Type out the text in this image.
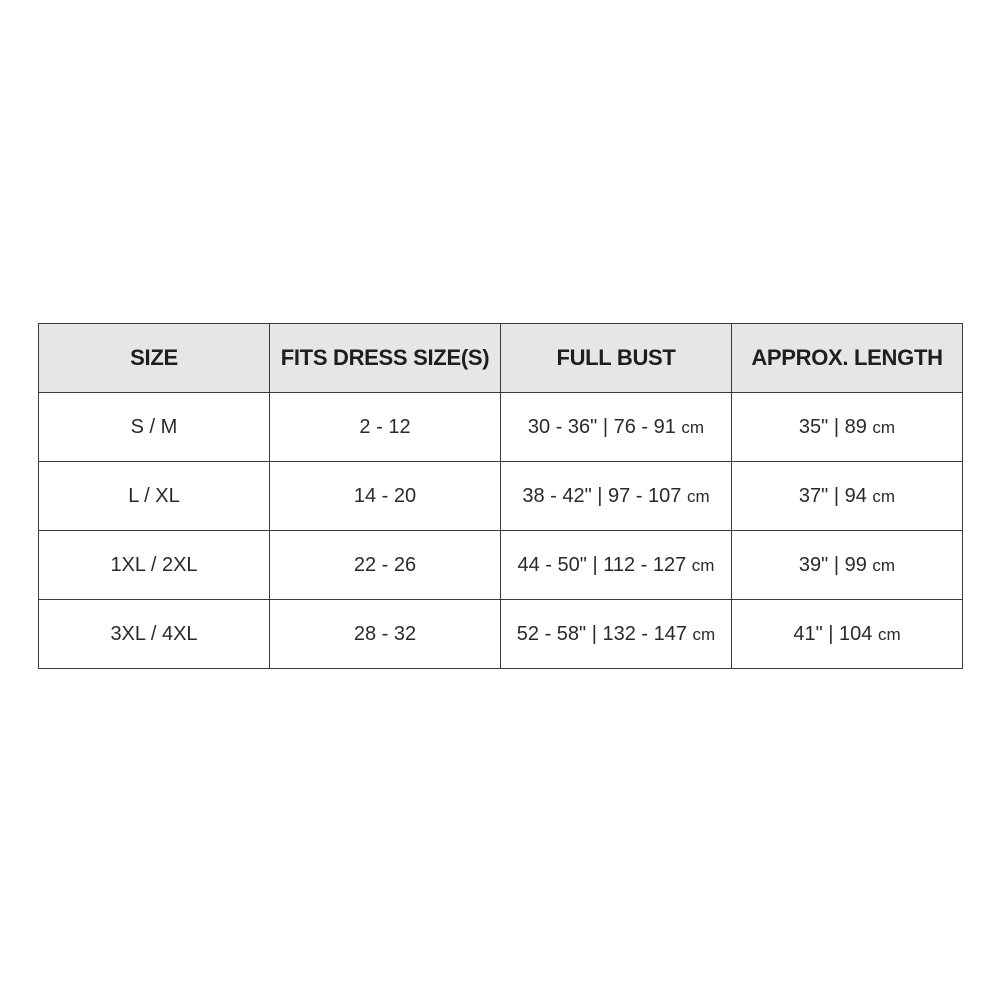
SIZE	FITS DRESS SIZE(S)	FULL BUST	APPROX. LENGTH
S / M	2 - 12	30 - 36" | 76 - 91 cm	35" | 89 cm
L / XL	14 - 20	38 - 42" | 97 - 107 cm	37" | 94 cm
1XL / 2XL	22 - 26	44 - 50" | 112 - 127 cm	39" | 99 cm
3XL / 4XL	28 - 32	52 - 58" | 132 - 147 cm	41" | 104 cm
